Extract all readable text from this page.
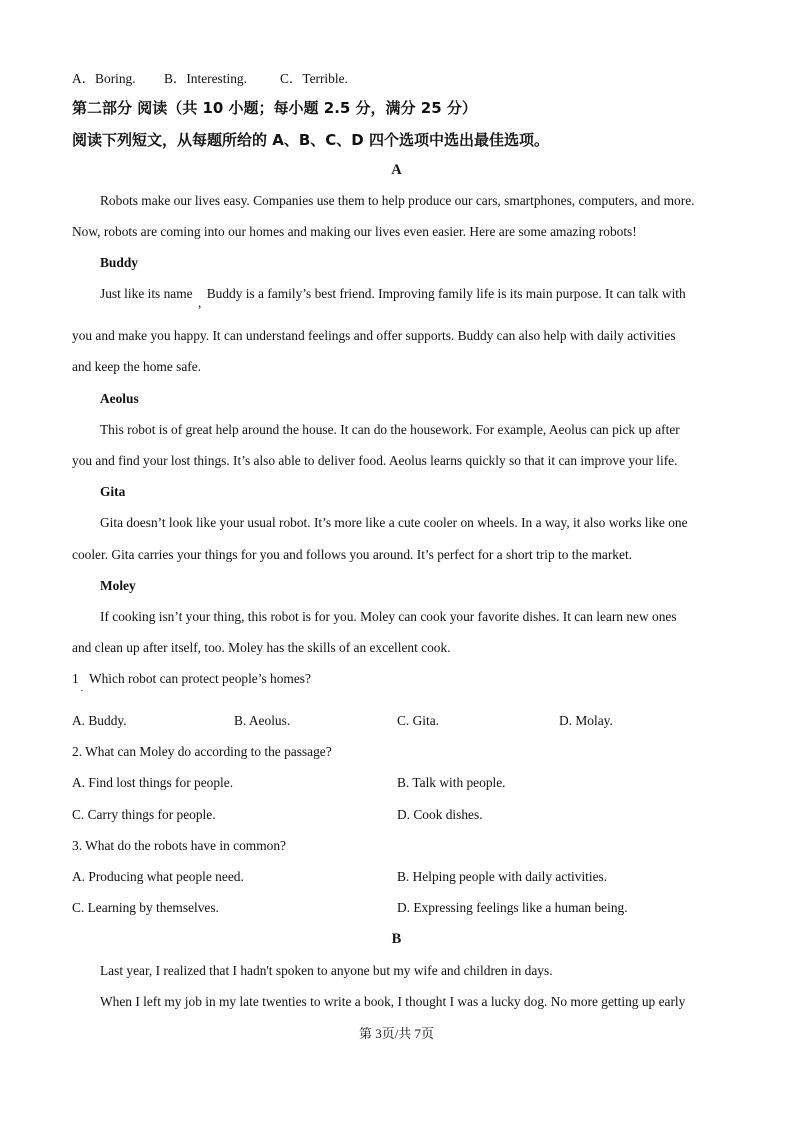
A．Boring. B．Interesting. C．Terrible.
第二部分 阅读（共 10 小题；每小题 2.5 分，满分 25 分）
阅读下列短文，从每题所给的 A、B、C、D 四个选项中选出最佳选项。
A
Robots make our lives easy. Companies use them to help produce our cars, smartphones, computers, and more.
Now, robots are coming into our homes and making our lives even easier. Here are some amazing robots!
Buddy
Just like its name , Buddy is a family’s best friend. Improving family life is its main purpose. It can talk with
you and make you happy. It can understand feelings and offer supports. Buddy can also help with daily activities
and keep the home safe.
Aeolus
This robot is of great help around the house. It can do the housework. For example, Aeolus can pick up after
you and find your lost things. It’s also able to deliver food. Aeolus learns quickly so that it can improve your life.
Gita
Gita doesn’t look like your usual robot. It’s more like a cute cooler on wheels. In a way, it also works like one
cooler. Gita carries your things for you and follows you around. It’s perfect for a short trip to the market.
Moley
If cooking isn’t your thing, this robot is for you. Moley can cook your favorite dishes. It can learn new ones
and clean up after itself, too. Moley has the skills of an excellent cook.
$1_.Which$ robot can protect people’s homes?
A. Buddy.	B. Aeolus.	C. Gita.	D. Molay.
2. What can Moley do according to the passage?
A. Find lost things for people.	B. Talk with people.
C. Carry things for people.	D. Cook dishes.
3. What do the robots have in common?
A. Producing what people need.	B. Helping people with daily activities.
C. Learning by themselves.	D. Expressing feelings like a human being.
B
Last year, I realized that I hadn't spoken to anyone but my wife and children in days.
When I left my job in my late twenties to write a book, I thought I was a lucky dog. No more getting up early
第 3页/共 7页
